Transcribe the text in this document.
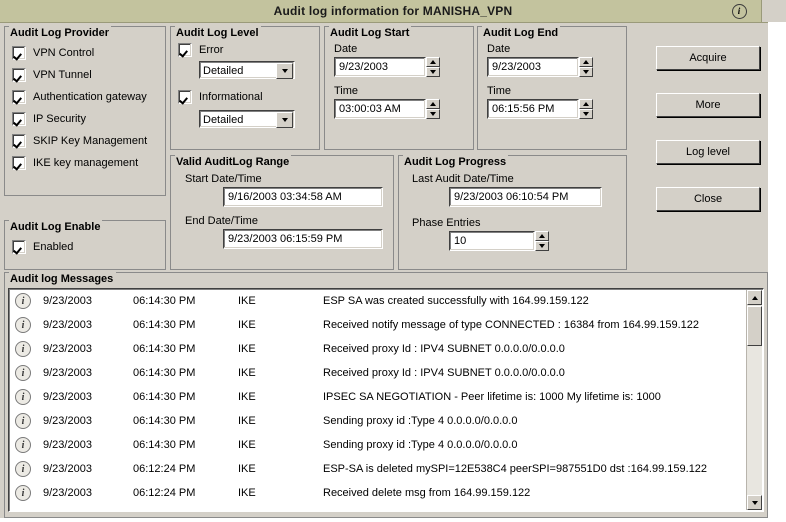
Audit log information for MANISHA_VPN	i
Audit Log Provider
VPN Control
VPN Tunnel
Authentication gateway
IP Security
SKIP Key Management
IKE key management
Audit Log Enable
Enabled
Audit Log Level
Error
Detailed
Informational
Detailed
Audit Log Start
Date
9/23/2003
Time
03:00:03 AM
Audit Log End
Date
9/23/2003
Time
06:15:56 PM
Valid AuditLog Range
Start Date/Time
9/16/2003 03:34:58 AM
End Date/Time
9/23/2003 06:15:59 PM
Audit Log Progress
Last Audit Date/Time
9/23/2003 06:10:54 PM
Phase Entries
10
Acquire
More
Log level
Close
Audit log Messages
i	9/23/2003	06:14:30 PM	IKE	ESP SA was created successfully with 164.99.159.122
i	9/23/2003	06:14:30 PM	IKE	Received notify message of type CONNECTED : 16384 from 164.99.159.122
i	9/23/2003	06:14:30 PM	IKE	Received proxy Id : IPV4 SUBNET 0.0.0.0/0.0.0.0
i	9/23/2003	06:14:30 PM	IKE	Received proxy Id : IPV4 SUBNET 0.0.0.0/0.0.0.0
i	9/23/2003	06:14:30 PM	IKE	IPSEC SA NEGOTIATION - Peer lifetime is: 1000 My lifetime is: 1000
i	9/23/2003	06:14:30 PM	IKE	Sending proxy id :Type 4 0.0.0.0/0.0.0.0
i	9/23/2003	06:14:30 PM	IKE	Sending proxy id :Type 4 0.0.0.0/0.0.0.0
i	9/23/2003	06:12:24 PM	IKE	ESP-SA is deleted mySPI=12E538C4 peerSPI=987551D0 dst :164.99.159.122
i	9/23/2003	06:12:24 PM	IKE	Received delete msg from 164.99.159.122
